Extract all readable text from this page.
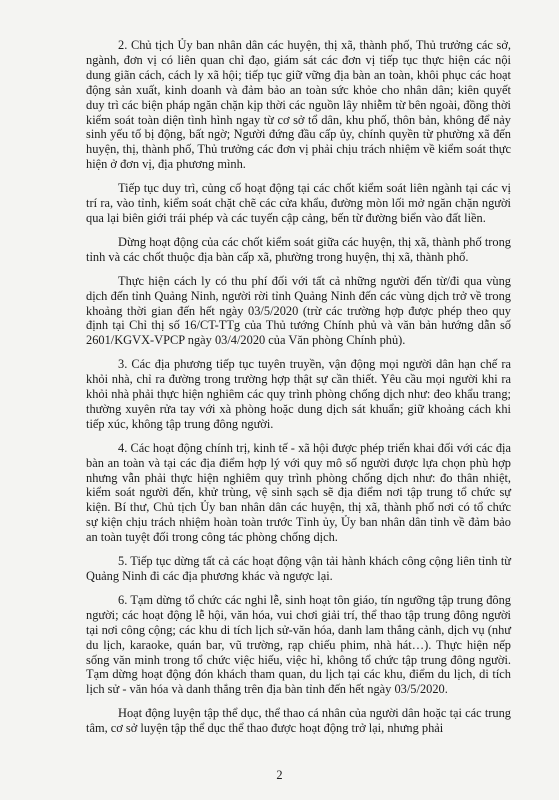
2. Chủ tịch Ủy ban nhân dân các huyện, thị xã, thành phố, Thủ trưởng các sở, ngành, đơn vị có liên quan chỉ đạo, giám sát các đơn vị tiếp tục thực hiện các nội dung giãn cách, cách ly xã hội; tiếp tục giữ vững địa bàn an toàn, khôi phục các hoạt động sản xuất, kinh doanh và đảm bảo an toàn sức khỏe cho nhân dân; kiên quyết duy trì các biện pháp ngăn chặn kịp thời các nguồn lây nhiễm từ bên ngoài, đồng thời kiểm soát toàn diện tình hình ngay từ cơ sở tổ dân, khu phố, thôn bản, không để nảy sinh yếu tố bị động, bất ngờ; Người đứng đầu cấp ủy, chính quyền từ phường xã đến huyện, thị, thành phố, Thủ trưởng các đơn vị phải chịu trách nhiệm về kiểm soát thực hiện ở đơn vị, địa phương mình.

Tiếp tục duy trì, củng cố hoạt động tại các chốt kiểm soát liên ngành tại các vị trí ra, vào tỉnh, kiểm soát chặt chẽ các cửa khẩu, đường mòn lối mở ngăn chặn người qua lại biên giới trái phép và các tuyến cập cảng, bến từ đường biển vào đất liền.

Dừng hoạt động của các chốt kiểm soát giữa các huyện, thị xã, thành phố trong tỉnh và các chốt thuộc địa bàn cấp xã, phường trong huyện, thị xã, thành phố.

Thực hiện cách ly có thu phí đối với tất cả những người đến từ/đi qua vùng dịch đến tỉnh Quảng Ninh, người rời tỉnh Quảng Ninh đến các vùng dịch trở về trong khoảng thời gian đến hết ngày 03/5/2020 (trừ các trường hợp được phép theo quy định tại Chỉ thị số 16/CT-TTg của Thủ tướng Chính phủ và văn bản hướng dẫn số 2601/KGVX-VPCP ngày 03/4/2020 của Văn phòng Chính phủ).

3. Các địa phương tiếp tục tuyên truyền, vận động mọi người dân hạn chế ra khỏi nhà, chỉ ra đường trong trường hợp thật sự cần thiết. Yêu cầu mọi người khi ra khỏi nhà phải thực hiện nghiêm các quy trình phòng chống dịch như: đeo khẩu trang; thường xuyên rửa tay với xà phòng hoặc dung dịch sát khuẩn; giữ khoảng cách khi tiếp xúc, không tập trung đông người.

4. Các hoạt động chính trị, kinh tế - xã hội được phép triển khai đối với các địa bàn an toàn và tại các địa điểm hợp lý với quy mô số người được lựa chọn phù hợp nhưng vẫn phải thực hiện nghiêm quy trình phòng chống dịch như: đo thân nhiệt, kiểm soát người đến, khử trùng, vệ sinh sạch sẽ địa điểm nơi tập trung tổ chức sự kiện. Bí thư, Chủ tịch Ủy ban nhân dân các huyện, thị xã, thành phố nơi có tổ chức sự kiện chịu trách nhiệm hoàn toàn trước Tỉnh ủy, Ủy ban nhân dân tỉnh về đảm bảo an toàn tuyệt đối trong công tác phòng chống dịch.

5. Tiếp tục dừng tất cả các hoạt động vận tải hành khách công cộng liên tỉnh từ Quảng Ninh đi các địa phương khác và ngược lại.

6. Tạm dừng tổ chức các nghi lễ, sinh hoạt tôn giáo, tín ngưỡng tập trung đông người; các hoạt động lễ hội, văn hóa, vui chơi giải trí, thể thao tập trung đông người tại nơi công cộng; các khu di tích lịch sử-văn hóa, danh lam thắng cảnh, dịch vụ (như du lịch, karaoke, quán bar, vũ trường, rạp chiếu phim, nhà hát…). Thực hiện nếp sống văn minh trong tổ chức việc hiếu, việc hỉ, không tổ chức tập trung đông người. Tạm dừng hoạt động đón khách tham quan, du lịch tại các khu, điểm du lịch, di tích lịch sử - văn hóa và danh thắng trên địa bàn tỉnh đến hết ngày 03/5/2020.

Hoạt động luyện tập thể dục, thể thao cá nhân của người dân hoặc tại các trung tâm, cơ sở luyện tập thể dục thể thao được hoạt động trở lại, nhưng phải

2
